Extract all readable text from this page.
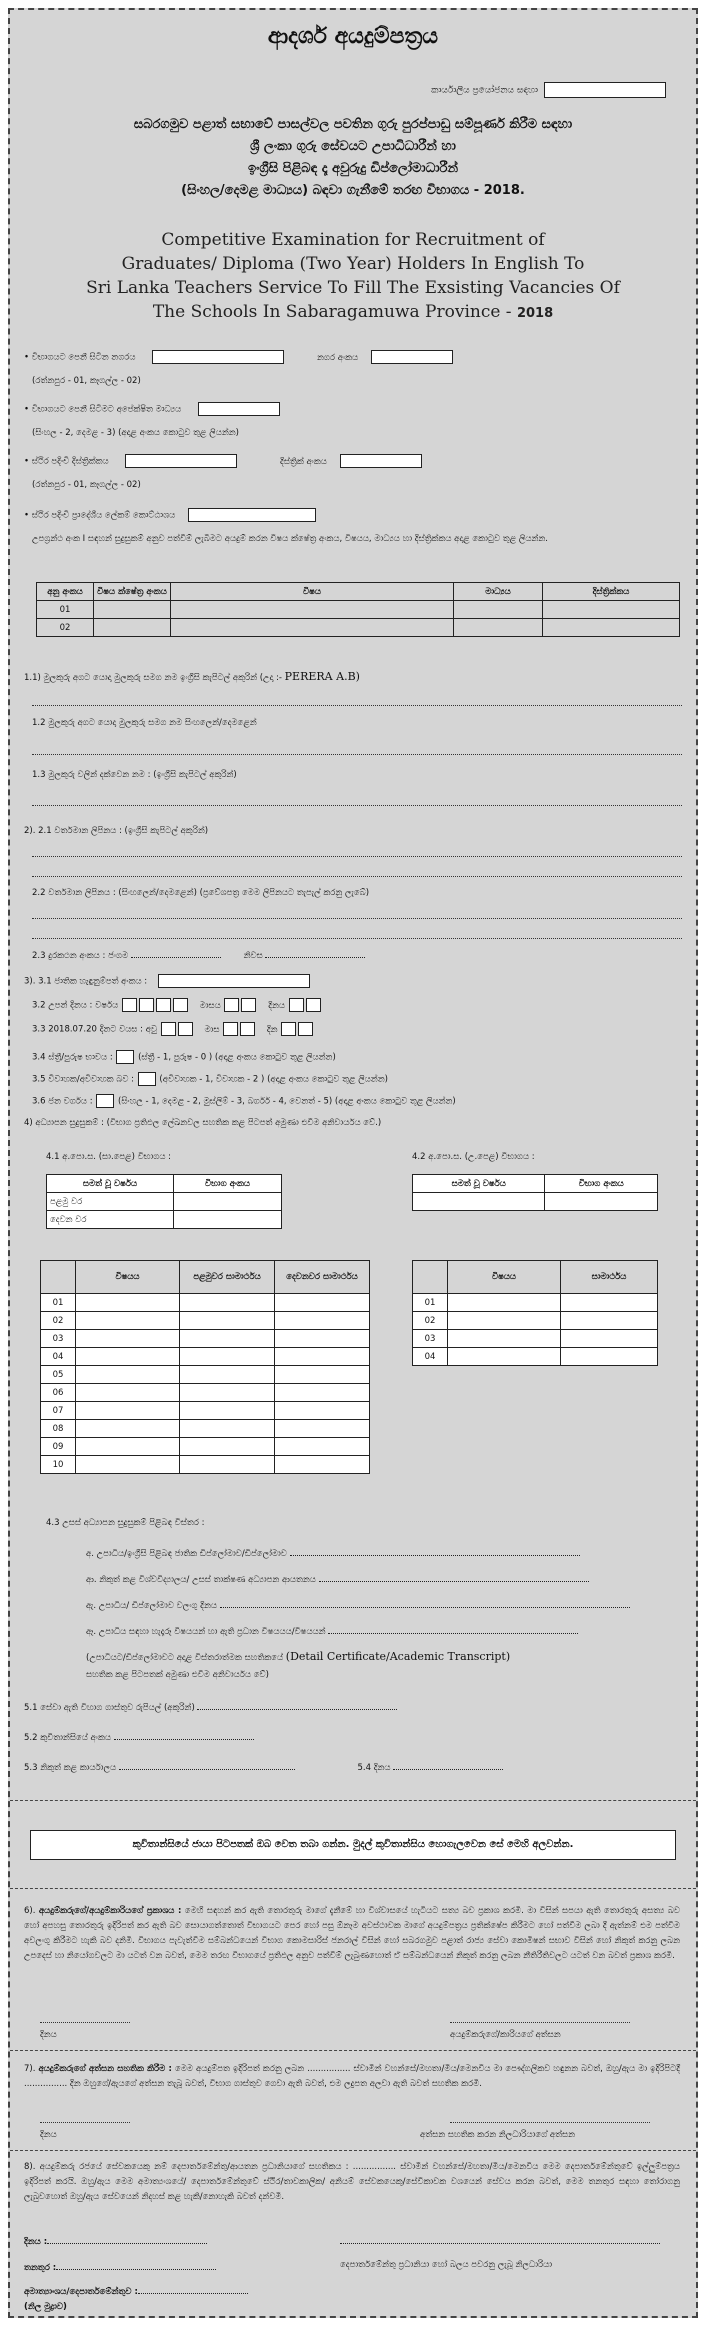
ආදර්ශ අයදුම්පත්‍රය
කාර්යාලීය ප්‍රයෝජනය සඳහා
සබරගමුව පළාත් සභාවේ පාසල්වල පවතින ගුරු පුරප්පාඩු සම්පූර්ණ කිරීම සඳහා
ශ්‍රී ලංකා ගුරු සේවයට උපාධිධාරීන් හා
ඉංග්‍රීසි පිළිබඳ දෑ අවුරුදු ඩිප්ලෝමාධාරීන්
(සිංහල/දෙමළ මාධ්‍යය) බඳවා ගැනීමේ තරඟ විභාගය - 2018.
Competitive Examination for Recruitment of
Graduates/ Diploma (Two Year) Holders In English To
Sri Lanka Teachers Service To Fill The Exsisting Vacancies Of
The Schools In Sabaragamuwa Province - 2018
• විභාගයට පෙනී සිටින නගරය	නගර අංකය
(රත්නපුර - 01, කෑගල්ල - 02)
• විභාගයට පෙනී සිටීමට අපේක්ෂිත මාධ්‍යය
(සිංහල - 2, දෙමළ - 3) (අදාළ අංකය කොටුව තුළ ලියන්න)
• ස්ථිර පදිංචි දිස්ත්‍රික්කය	දිස්ත්‍රික් අංකය
(රත්නපුර - 01, කෑගල්ල - 02)
• ස්ථිර පදිංචි ප්‍රාදේශීය ලේකම් කොට්ඨාශය
උපග්‍රන්ථ අංක I සඳහන් සුදුසුකම් අනුව පත්වීම් ලැබීමට අයදුම් කරන විෂය ක්ෂේත්‍ර අංකය, විෂයය, මාධ්‍යය හා දිස්ත්‍රික්කය අදාළ කොටුව තුළ ලියන්න.
අනු අංකය	විෂය ක්ෂේත්‍ර අංකය	විෂය	මාධ්‍යය	දිස්ත්‍රික්කය
01				
02				
1.1) මුලකුරු අගට යොදා මුලකුරු සමග නම ඉංග්‍රීසි කැපිටල් අකුරින් (උදා :- PERERA A.B)
1.2 මුලකුරු අගට යොදා මුලකුරු සමග නම සිංහලෙන්/දෙමළෙන්
1.3 මුලකුරු වලින් දක්වෙන නම : (ඉංග්‍රීසි කැපිටල් අකුරින්)
2). 2.1 වර්තමාන ලිපිනය : (ඉංග්‍රීසි කැපිටල් අකුරින්)
2.2 වර්තමාන ලිපිනය : (සිංහලෙන්/දෙමළෙන්) (ප්‍රවේශපත්‍ර මෙම ලිපිනයට තැපැල් කරනු ලැබේ)
2.3 දුරකථන අංකය : ජංගම	නිවස
3). 3.1 ජාතික හැඳුනුම්පත් අංකය :
3.2 උපන් දිනය : වර්ෂය	මාසය	දිනය
3.3 2018.07.20 දිනට වයස : අවු	මාස	දින
3.4 ස්ත්‍රී/පුරුෂ භාවය :	(ස්ත්‍රී - 1, පුරුෂ - 0 ) (අදාළ අංකය කොටුව තුළ ලියන්න)
3.5 විවාහක/අවිවාහක බව :	(අවිවාහක - 1, විවාහක - 2 ) (අදාළ අංකය කොටුව තුළ ලියන්න)
3.6 ජන වර්ගය :	(සිංහල - 1, දෙමළ - 2, මුස්ලිම් - 3, බර්ගර් - 4, වෙනත් - 5) (අදාළ අංකය කොටුව තුළ ලියන්න)
4) අධ්‍යාපන සුදුසුකම් : (විභාග ප්‍රතිඵල ලේඛනවල සහතික කළ පිටපත් අමුණා එවීම අනිවාර්යය වේ.)
4.1 අ.පො.ස. (සා.පෙළ) විභාගය :
සමත් වූ වර්ෂය	විභාග අංකය
පළමු වර	
දෙවන වර	
4.2 අ.පො.ස. (උ.පෙළ) විභාගය :
සමත් වූ වර්ෂය	විභාග අංකය

	විෂයය	පළමුවර සාමාර්ථය	දෙවනවර සාමාර්ථය
01			
02			
03			
04			
05			
06			
07			
08			
09			
10			
	විෂයය	සාමාර්ථය
01		
02		
03		
04		
4.3 උසස් අධ්‍යාපන සුදුසුකම් පිළිබඳ විස්තර :
අ. උපාධිය/ඉංග්‍රීසි පිළිබඳ ජාතික ඩිප්ලෝමාව/ඩිප්ලෝමාව
ආ. නිකුත් කළ විශ්වවිද්‍යාලය/ උසස් තාක්ෂණ අධ්‍යාපන ආයතනය
ඇ. උපාධිය/ ඩිප්ලෝමාව වලංගු දිනය
ඈ. උපාධිය සඳහා හැදෑරූ විෂයයන් හා ඇති ප්‍රධාන විෂයයය/විෂයයන්
(උපාධියට/ඩිප්ලෝමාවට අදාළ විස්තරාත්මක සහතිකයේ (Detail Certificate/Academic Transcript)
සහතික කළ පිටපතක් අමුණා එවීම අනිවාර්යය වේ)
5.1 සේවා ඇති විහාග ගාස්තුව රුපියල් (අකුරින්)
5.2 කුවිතාන්සියේ අංකය
5.3 නිකුත් කළ කාර්යාලය	5.4 දිනය
කුවිතාන්සියේ ජායා පිටපතක් ඔබ වෙත තබා ගන්න. මුදල් කුවිතාන්සිය හොගැලවෙන සේ මෙහි අලවන්න.
6). අයදුම්කරුගේ/අයදුම්කාරියගේ ප්‍රකාශය : මෙහි සඳහන් කර ඇති තොරතුරු මාගේ දැනීමේ හා විශ්වාසයේ හැටියට සත්‍ය බව ප්‍රකාශ කරමි. මා විසින් සපයා ඇති තොරතුරු අසත්‍ය බව හෝ අපහසු තොරතුරු ඉදිරිපත් කර ඇති බව සොයාගත්තොත් විභාගයට පෙර හෝ පසු ඕනෑම අවස්ථාවක මාගේ අයදුම්පත්‍රය ප්‍රතික්ෂේප කිරීමට හෝ පත්වීම ලබා දී ඇත්නම් එම පත්වීම අවලංගු කිරීමට හැකි බව දනිමි. විභාගය පැවැත්වීම සම්බන්ධයෙන් විභාග කොමසාරිස් ජනරාල් විසින් හෝ සබරගමුව පළාත් රාජ්‍ය සේවා කොමිෂන් සභාව විසින් හෝ නිකුත් කරනු ලබන උපදෙස් හා නියෝගවලට මා යටත් වන බවත්, මෙම තරඟ විභාගයේ ප්‍රතිඵල අනුව පත්වීම් ලැබුණහොත් ඒ සම්බන්ධයෙන් නිකුත් කරනු ලබන නීතිරීතිවලට යටත් වන බවත් ප්‍රකාශ කරමි.
දිනය	අයදුම්කරුගේ/කාරියගේ අත්සන
7). අයදුම්කරුගේ අත්සන සහතික කිරීම : මෙම අයදුම්පත ඉදිරිපත් කරනු ලබන ................ ස්වාමීන් වහන්සේ/මහතා/මිය/මෙනවිය මා පෞද්ගලිකව හඳුනන බවත්, ඔහු/ඇය මා ඉදිරිපිටදී ................ දින ඔහුගේ/ඇයගේ අත්සන තැබූ බවත්, විභාග ගාස්තුව ගෙවා ඇති බවත්, එම ලදුපත අලවා ඇති බවත් සහතික කරමි.
දිනය	අත්සන සහතික කරන නිලධාරියාගේ අත්සන
8). අයදුම්කරු රජයේ සේවකයෙකු නම් දෙපාර්තමේන්තු/ආයතන ප්‍රධානියාගේ සහතිකය : ................ ස්වාමීන් වහන්සේ/මහතා/මිය/මෙනවිය මෙම දෙපාර්තමේන්තුවේ ඉල්ලුම්පත්‍රය ඉදිරිපත් කරයි. ඔහු/ඇය මෙම අමාත්‍යංශයේ/ දෙපාර්තමේන්තුවේ ස්ථිර/තාවකාලික/ අනියම් සේවකයෙකු/සේවිකාවක වශයෙන් සේවය කරන බවත්, මෙම තනතුර සඳහා තෝරාගනු ලැබුවහොත් ඔහු/ඇය සේවයෙන් නිදහස් කළ හැකි/නොහැකි බවත් දන්වමි.
දිනය :
තනතුර :	දෙපාර්තමේන්තු ප්‍රධානියා හෝ බලය පවරනු ලැබූ නිලධාරියා
අමාත්‍යාංශය/දෙපාර්තමේන්තුව :
(නිල මුද්‍රාව)
